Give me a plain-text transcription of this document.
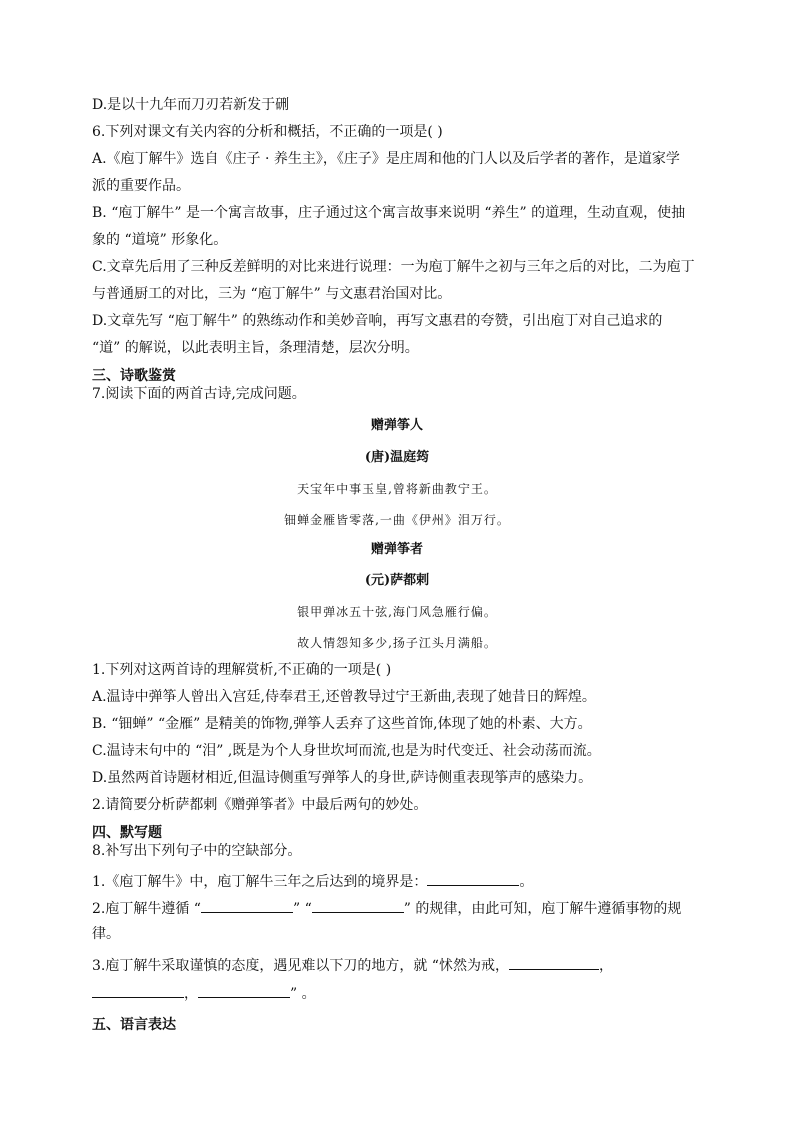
D.是以十九年而刀刃若新发于硎
6.下列对课文有关内容的分析和概括，不正确的一项是( )
A.《庖丁解牛》选自《庄子 · 养生主》，《庄子》是庄周和他的门人以及后学者的著作，是道家学
派的重要作品。
B. “庖丁解牛” 是一个寓言故事，庄子通过这个寓言故事来说明 “养生” 的道理，生动直观，使抽
象的 “道境” 形象化。
C.文章先后用了三种反差鲜明的对比来进行说理：一为庖丁解牛之初与三年之后的对比，二为庖丁
与普通厨工的对比，三为 “庖丁解牛” 与文惠君治国对比。
D.文章先写 “庖丁解牛” 的熟练动作和美妙音响，再写文惠君的夸赞，引出庖丁对自己追求的
“道” 的解说，以此表明主旨，条理清楚，层次分明。
三、诗歌鉴赏
7.阅读下面的两首古诗,完成问题。
赠弹筝人
(唐)温庭筠
天宝年中事玉皇,曾将新曲教宁王。
钿蝉金雁皆零落,一曲《伊州》泪万行。
赠弹筝者
(元)萨都剌
银甲弹冰五十弦,海门风急雁行偏。
故人情怨知多少,扬子江头月满船。
1.下列对这两首诗的理解赏析,不正确的一项是( )
A.温诗中弹筝人曾出入宫廷,侍奉君王,还曾教导过宁王新曲,表现了她昔日的辉煌。
B. “钿蝉” “金雁” 是精美的饰物,弹筝人丢弃了这些首饰,体现了她的朴素、大方。
C.温诗末句中的 “泪” ,既是为个人身世坎坷而流,也是为时代变迁、社会动荡而流。
D.虽然两首诗题材相近,但温诗侧重写弹筝人的身世,萨诗侧重表现筝声的感染力。
2.请简要分析萨都剌《赠弹筝者》中最后两句的妙处。
四、默写题
8.补写出下列句子中的空缺部分。
1.《庖丁解牛》中，庖丁解牛三年之后达到的境界是：	。
2.庖丁解牛遵循 “	” “	” 的规律，由此可知，庖丁解牛遵循事物的规
律。
3.庖丁解牛采取谨慎的态度，遇见难以下刀的地方，就 “怵然为戒，	，
，	” 。
五、语言表达
